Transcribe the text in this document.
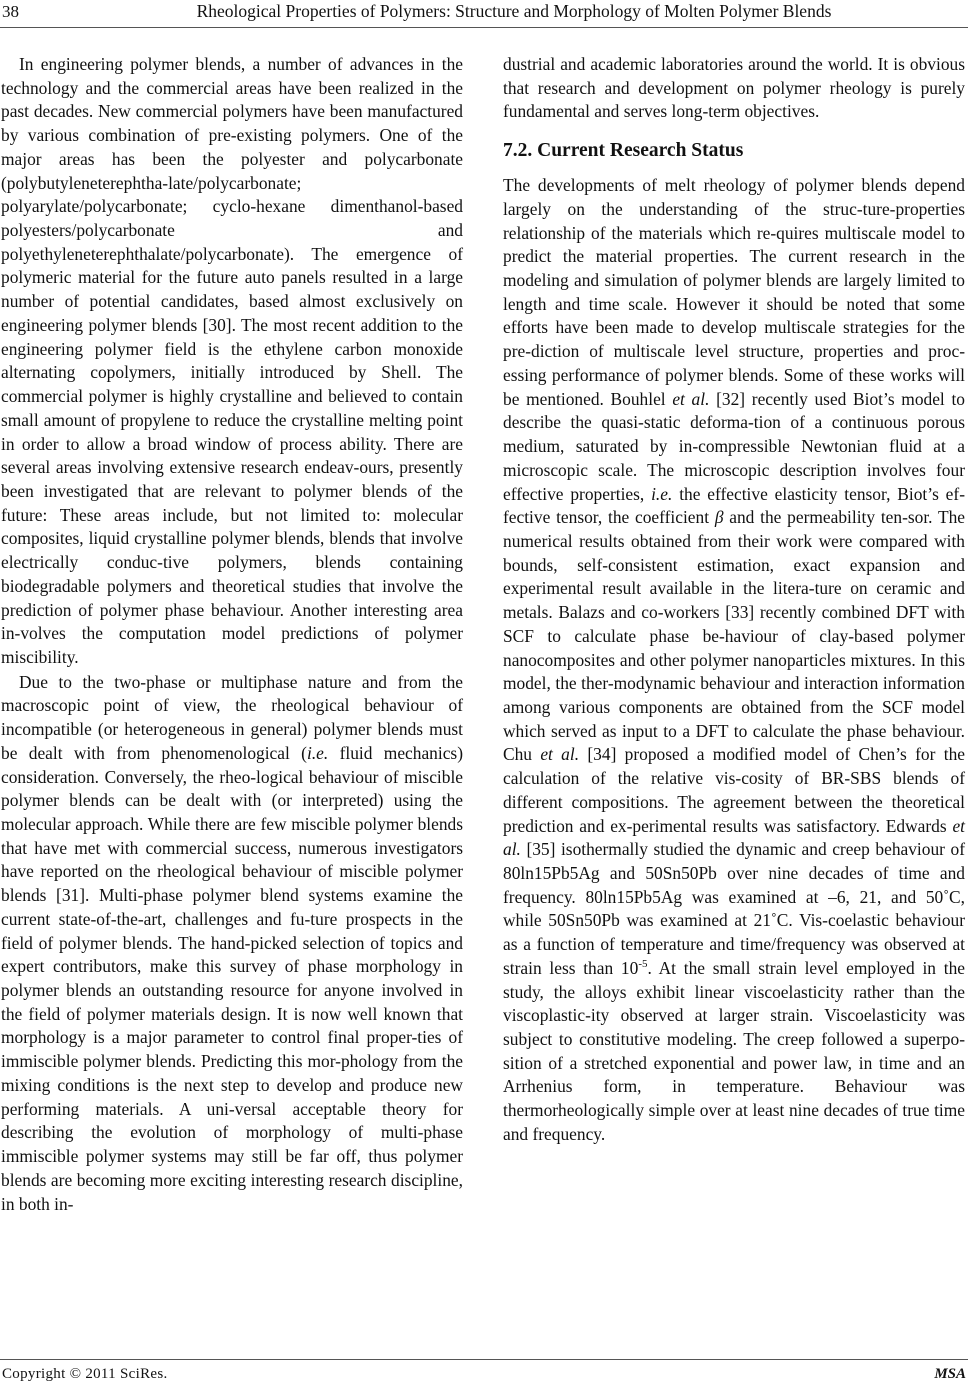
38	Rheological Properties of Polymers: Structure and Morphology of Molten Polymer Blends

In engineering polymer blends, a number of advances in the technology and the commercial areas have been realized in the past decades. New commercial polymers have been manufactured by various combination of pre-existing polymers. One of the major areas has been the polyester and polycarbonate (polybutyleneterephtha-late/polycarbonate; polyarylate/polycarbonate; cyclo-hexane dimenthanol-based polyesters/polycarbonate and polyethyleneterephthalate/polycarbonate). The emergence of polymeric material for the future auto panels resulted in a large number of potential candidates, based almost exclusively on engineering polymer blends [30]. The most recent addition to the engineering polymer field is the ethylene carbon monoxide alternating copolymers, initially introduced by Shell. The commercial polymer is highly crystalline and believed to contain small amount of propylene to reduce the crystalline melting point in order to allow a broad window of process ability. There are several areas involving extensive research endeav-ours, presently been investigated that are relevant to polymer blends of the future: These areas include, but not limited to: molecular composites, liquid crystalline polymer blends, blends that involve electrically conduc-tive polymers, blends containing biodegradable polymers and theoretical studies that involve the prediction of polymer phase behaviour. Another interesting area in-volves the computation model predictions of polymer miscibility.

Due to the two-phase or multiphase nature and from the macroscopic point of view, the rheological behaviour of incompatible (or heterogeneous in general) polymer blends must be dealt with from phenomenological (i.e. fluid mechanics) consideration. Conversely, the rheo-logical behaviour of miscible polymer blends can be dealt with (or interpreted) using the molecular approach. While there are few miscible polymer blends that have met with commercial success, numerous investigators have reported on the rheological behaviour of miscible polymer blends [31]. Multi-phase polymer blend systems examine the current state-of-the-art, challenges and fu-ture prospects in the field of polymer blends. The hand-picked selection of topics and expert contributors, make this survey of phase morphology in polymer blends an outstanding resource for anyone involved in the field of polymer materials design. It is now well known that morphology is a major parameter to control final proper-ties of immiscible polymer blends. Predicting this mor-phology from the mixing conditions is the next step to develop and produce new performing materials. A uni-versal acceptable theory for describing the evolution of morphology of multi-phase immiscible polymer systems may still be far off, thus polymer blends are becoming more exciting interesting research discipline, in both in-

dustrial and academic laboratories around the world. It is obvious that research and development on polymer rheology is purely fundamental and serves long-term objectives.

7.2. Current Research Status

The developments of melt rheology of polymer blends depend largely on the understanding of the struc-ture-properties relationship of the materials which re-quires multiscale model to predict the material properties. The current research in the modeling and simulation of polymer blends are largely limited to length and time scale. However it should be noted that some efforts have been made to develop multiscale strategies for the pre-diction of multiscale level structure, properties and proc-essing performance of polymer blends. Some of these works will be mentioned. Bouhlel et al. [32] recently used Biot’s model to describe the quasi-static deforma-tion of a continuous porous medium, saturated by in-compressible Newtonian fluid at a microscopic scale. The microscopic description involves four effective properties, i.e. the effective elasticity tensor, Biot’s ef-fective tensor, the coefficient β and the permeability ten-sor. The numerical results obtained from their work were compared with bounds, self-consistent estimation, exact expansion and experimental result available in the litera-ture on ceramic and metals. Balazs and co-workers [33] recently combined DFT with SCF to calculate phase be-haviour of clay-based polymer nanocomposites and other polymer nanoparticles mixtures. In this model, the ther-modynamic behaviour and interaction information among various components are obtained from the SCF model which served as input to a DFT to calculate the phase behaviour. Chu et al. [34] proposed a modified model of Chen’s for the calculation of the relative vis-cosity of BR-SBS blends of different compositions. The agreement between the theoretical prediction and ex-perimental results was satisfactory. Edwards et al. [35] isothermally studied the dynamic and creep behaviour of 80ln15Pb5Ag and 50Sn50Pb over nine decades of time and frequency. 80ln15Pb5Ag was examined at –6, 21, and 50˚C, while 50Sn50Pb was examined at 21˚C. Vis-coelastic behaviour as a function of temperature and time/frequency was observed at strain less than $10^{-5}$. At the small strain level employed in the study, the alloys exhibit linear viscoelasticity rather than the viscoplastic-ity observed at larger strain. Viscoelasticity was subject to constitutive modeling. The creep followed a superpo-sition of a stretched exponential and power law, in time and an Arrhenius form, in temperature. Behaviour was thermorheologically simple over at least nine decades of true time and frequency.

Copyright © 2011 SciRes.	MSA
